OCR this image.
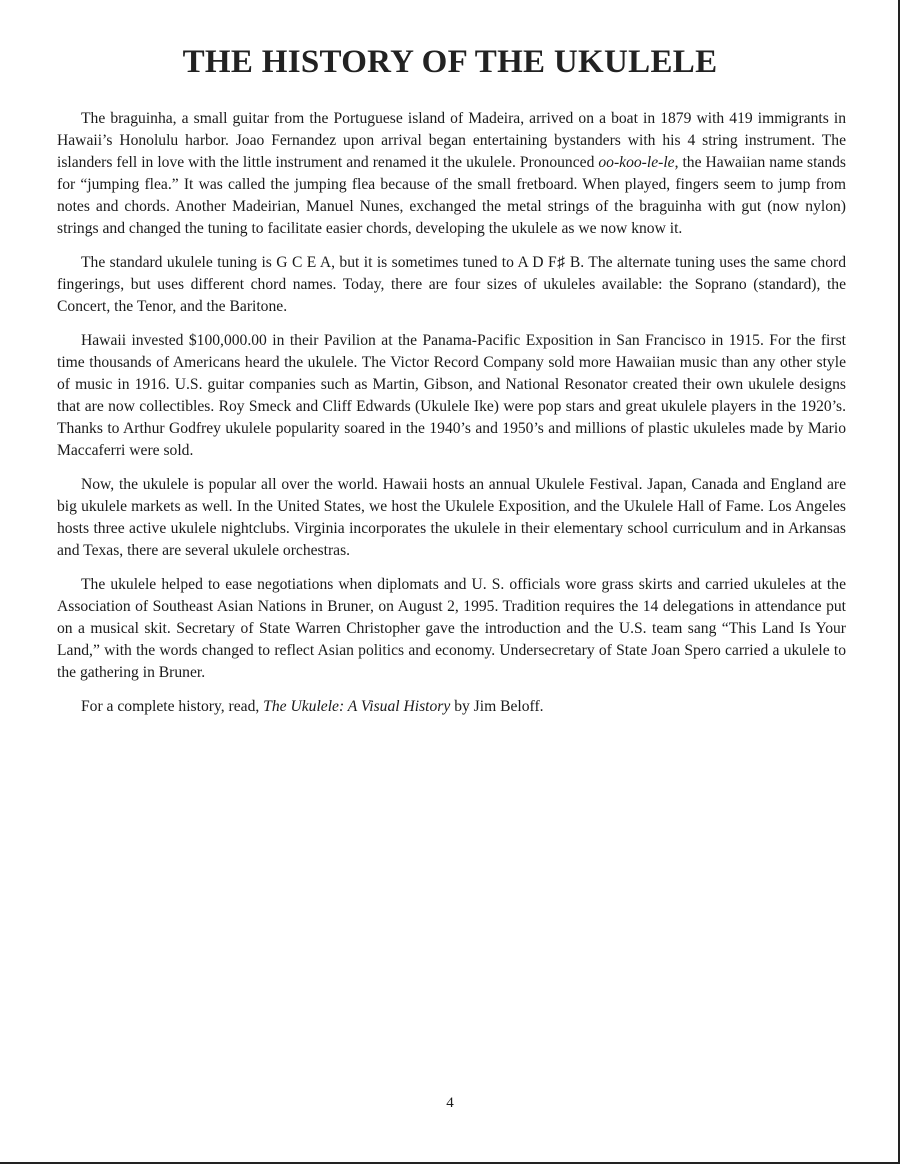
THE HISTORY OF THE UKULELE

The braguinha, a small guitar from the Portuguese island of Madeira, arrived on a boat in 1879 with 419 immigrants in Hawaii’s Honolulu harbor. Joao Fernandez upon arrival began entertaining bystanders with his 4 string instrument. The islanders fell in love with the little instrument and renamed it the ukulele. Pronounced oo-koo-le-le, the Hawaiian name stands for “jumping flea.” It was called the jumping flea because of the small fretboard. When played, fingers seem to jump from notes and chords. Another Madeirian, Manuel Nunes, exchanged the metal strings of the braguinha with gut (now nylon) strings and changed the tuning to facilitate easier chords, developing the ukulele as we now know it.

The standard ukulele tuning is G C E A, but it is sometimes tuned to A D F♯ B. The alternate tuning uses the same chord fingerings, but uses different chord names. Today, there are four sizes of ukuleles available: the Soprano (standard), the Concert, the Tenor, and the Baritone.

Hawaii invested $100,000.00 in their Pavilion at the Panama-Pacific Exposition in San Francisco in 1915. For the first time thousands of Americans heard the ukulele. The Victor Record Company sold more Hawaiian music than any other style of music in 1916. U.S. guitar companies such as Martin, Gibson, and National Resonator created their own ukulele designs that are now collectibles. Roy Smeck and Cliff Edwards (Ukulele Ike) were pop stars and great ukulele players in the 1920’s. Thanks to Arthur Godfrey ukulele popularity soared in the 1940’s and 1950’s and millions of plastic ukuleles made by Mario Maccaferri were sold.

Now, the ukulele is popular all over the world. Hawaii hosts an annual Ukulele Festival. Japan, Canada and England are big ukulele markets as well. In the United States, we host the Ukulele Exposition, and the Ukulele Hall of Fame. Los Angeles hosts three active ukulele nightclubs. Virginia incorporates the ukulele in their elementary school curriculum and in Arkansas and Texas, there are several ukulele orchestras.

The ukulele helped to ease negotiations when diplomats and U. S. officials wore grass skirts and carried ukuleles at the Association of Southeast Asian Nations in Bruner, on August 2, 1995. Tradition requires the 14 delegations in attendance put on a musical skit. Secretary of State Warren Christopher gave the introduction and the U.S. team sang “This Land Is Your Land,” with the words changed to reflect Asian politics and economy. Undersecretary of State Joan Spero carried a ukulele to the gathering in Bruner.

For a complete history, read, The Ukulele: A Visual History by Jim Beloff.

4
